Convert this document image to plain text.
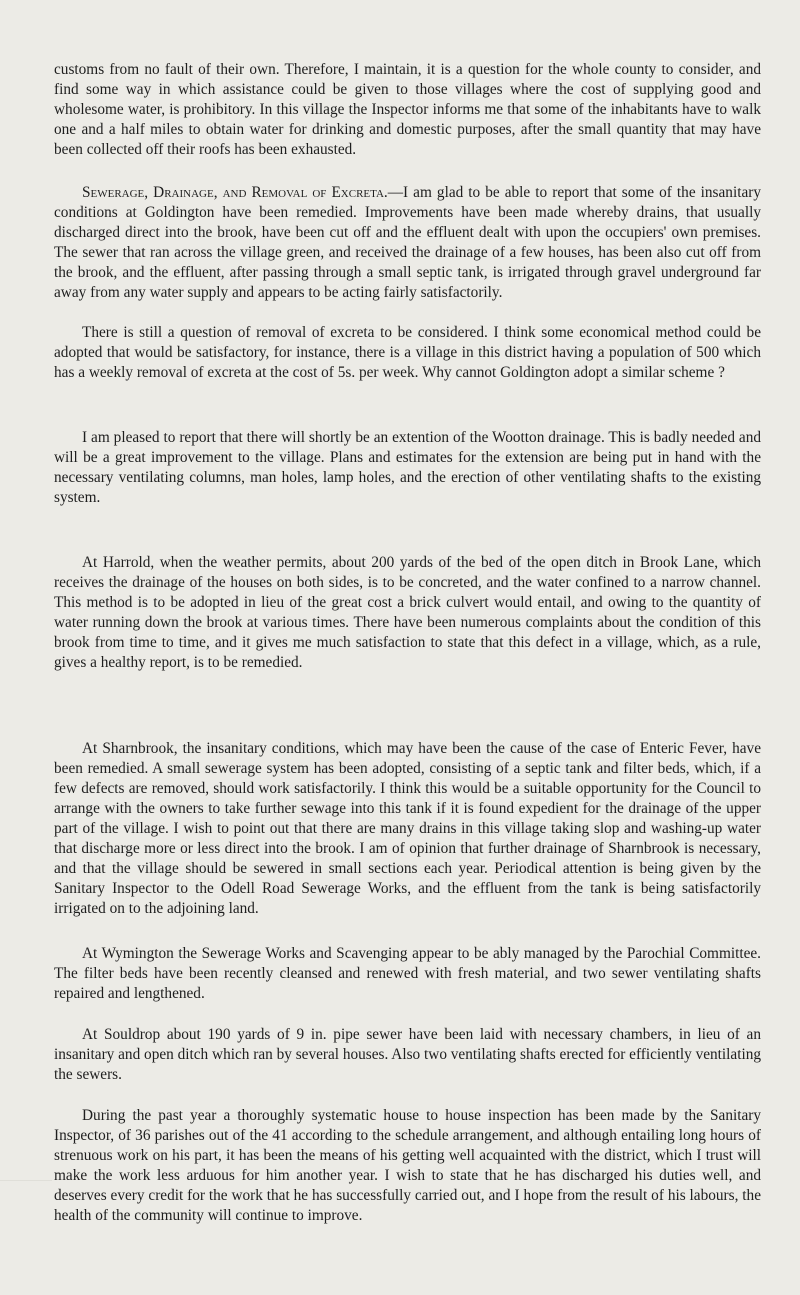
customs from no fault of their own. Therefore, I maintain, it is a question for the whole county to consider, and find some way in which assistance could be given to those villages where the cost of supplying good and wholesome water, is prohibitory. In this village the Inspector informs me that some of the inhabitants have to walk one and a half miles to obtain water for drinking and domestic purposes, after the small quantity that may have been collected off their roofs has been exhausted.

Sewerage, Drainage, and Removal of Excreta.—I am glad to be able to report that some of the insanitary conditions at Goldington have been remedied. Improvements have been made whereby drains, that usually discharged direct into the brook, have been cut off and the effluent dealt with upon the occupiers' own premises. The sewer that ran across the village green, and received the drainage of a few houses, has been also cut off from the brook, and the effluent, after passing through a small septic tank, is irrigated through gravel underground far away from any water supply and appears to be acting fairly satisfactorily.

There is still a question of removal of excreta to be considered. I think some economical method could be adopted that would be satisfactory, for instance, there is a village in this district having a population of 500 which has a weekly removal of excreta at the cost of 5s. per week. Why cannot Goldington adopt a similar scheme ?

I am pleased to report that there will shortly be an extention of the Wootton drainage. This is badly needed and will be a great improvement to the village. Plans and estimates for the extension are being put in hand with the necessary ventilating columns, man holes, lamp holes, and the erection of other ventilating shafts to the existing system.

At Harrold, when the weather permits, about 200 yards of the bed of the open ditch in Brook Lane, which receives the drainage of the houses on both sides, is to be concreted, and the water confined to a narrow channel. This method is to be adopted in lieu of the great cost a brick culvert would entail, and owing to the quantity of water running down the brook at various times. There have been numerous complaints about the condition of this brook from time to time, and it gives me much satisfaction to state that this defect in a village, which, as a rule, gives a healthy report, is to be remedied.

At Sharnbrook, the insanitary conditions, which may have been the cause of the case of Enteric Fever, have been remedied. A small sewerage system has been adopted, consisting of a septic tank and filter beds, which, if a few defects are removed, should work satisfactorily. I think this would be a suitable opportunity for the Council to arrange with the owners to take further sewage into this tank if it is found expedient for the drainage of the upper part of the village. I wish to point out that there are many drains in this village taking slop and washing-up water that discharge more or less direct into the brook. I am of opinion that further drainage of Sharnbrook is necessary, and that the village should be sewered in small sections each year. Periodical attention is being given by the Sanitary Inspector to the Odell Road Sewerage Works, and the effluent from the tank is being satisfactorily irrigated on to the adjoining land.

At Wymington the Sewerage Works and Scavenging appear to be ably managed by the Parochial Committee. The filter beds have been recently cleansed and renewed with fresh material, and two sewer ventilating shafts repaired and lengthened.

At Souldrop about 190 yards of 9 in. pipe sewer have been laid with necessary chambers, in lieu of an insanitary and open ditch which ran by several houses. Also two ventilating shafts erected for efficiently ventilating the sewers.

During the past year a thoroughly systematic house to house inspection has been made by the Sanitary Inspector, of 36 parishes out of the 41 according to the schedule arrangement, and although entailing long hours of strenuous work on his part, it has been the means of his getting well acquainted with the district, which I trust will make the work less arduous for him another year. I wish to state that he has discharged his duties well, and deserves every credit for the work that he has successfully carried out, and I hope from the result of his labours, the health of the community will continue to improve.
